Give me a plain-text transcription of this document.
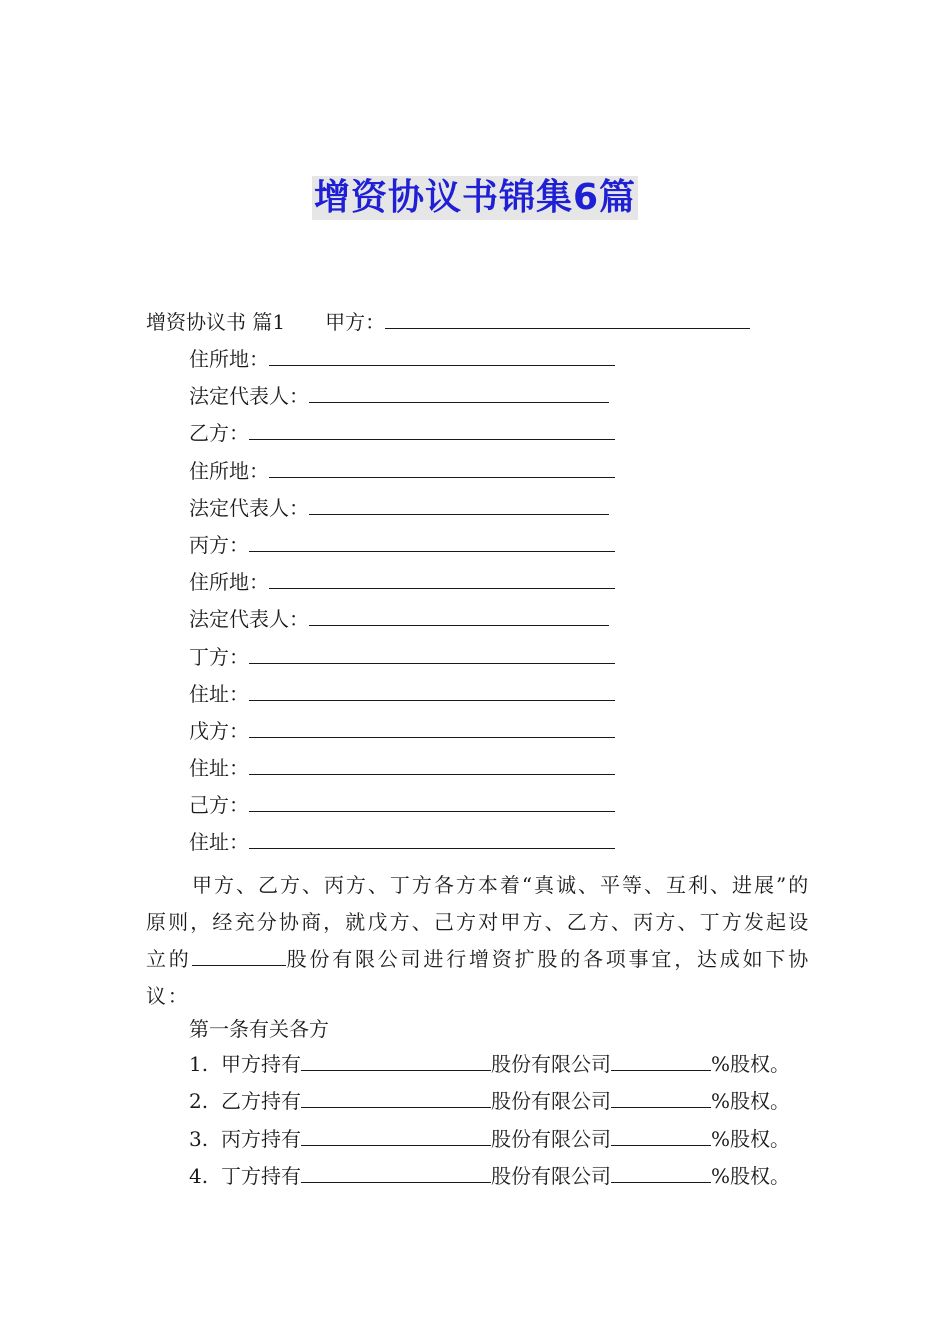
增资协议书锦集6篇
增资协议书 篇1 甲方：
住所地：
法定代表人：
乙方：
住所地：
法定代表人：
丙方：
住所地：
法定代表人：
丁方：
住址：
戊方：
住址：
己方：
住址：

甲方、乙方、丙方、丁方各方本着“真诚、平等、互利、进展”的原则，经充分协商，就戊方、己方对甲方、乙方、丙方、丁方发起设立的	股份有限公司进行增资扩股的各项事宜，达成如下协议：

第一条有关各方
1. 甲方持有	股份有限公司	%股权。
2. 乙方持有	股份有限公司	%股权。
3. 丙方持有	股份有限公司	%股权。
4. 丁方持有	股份有限公司	%股权。
